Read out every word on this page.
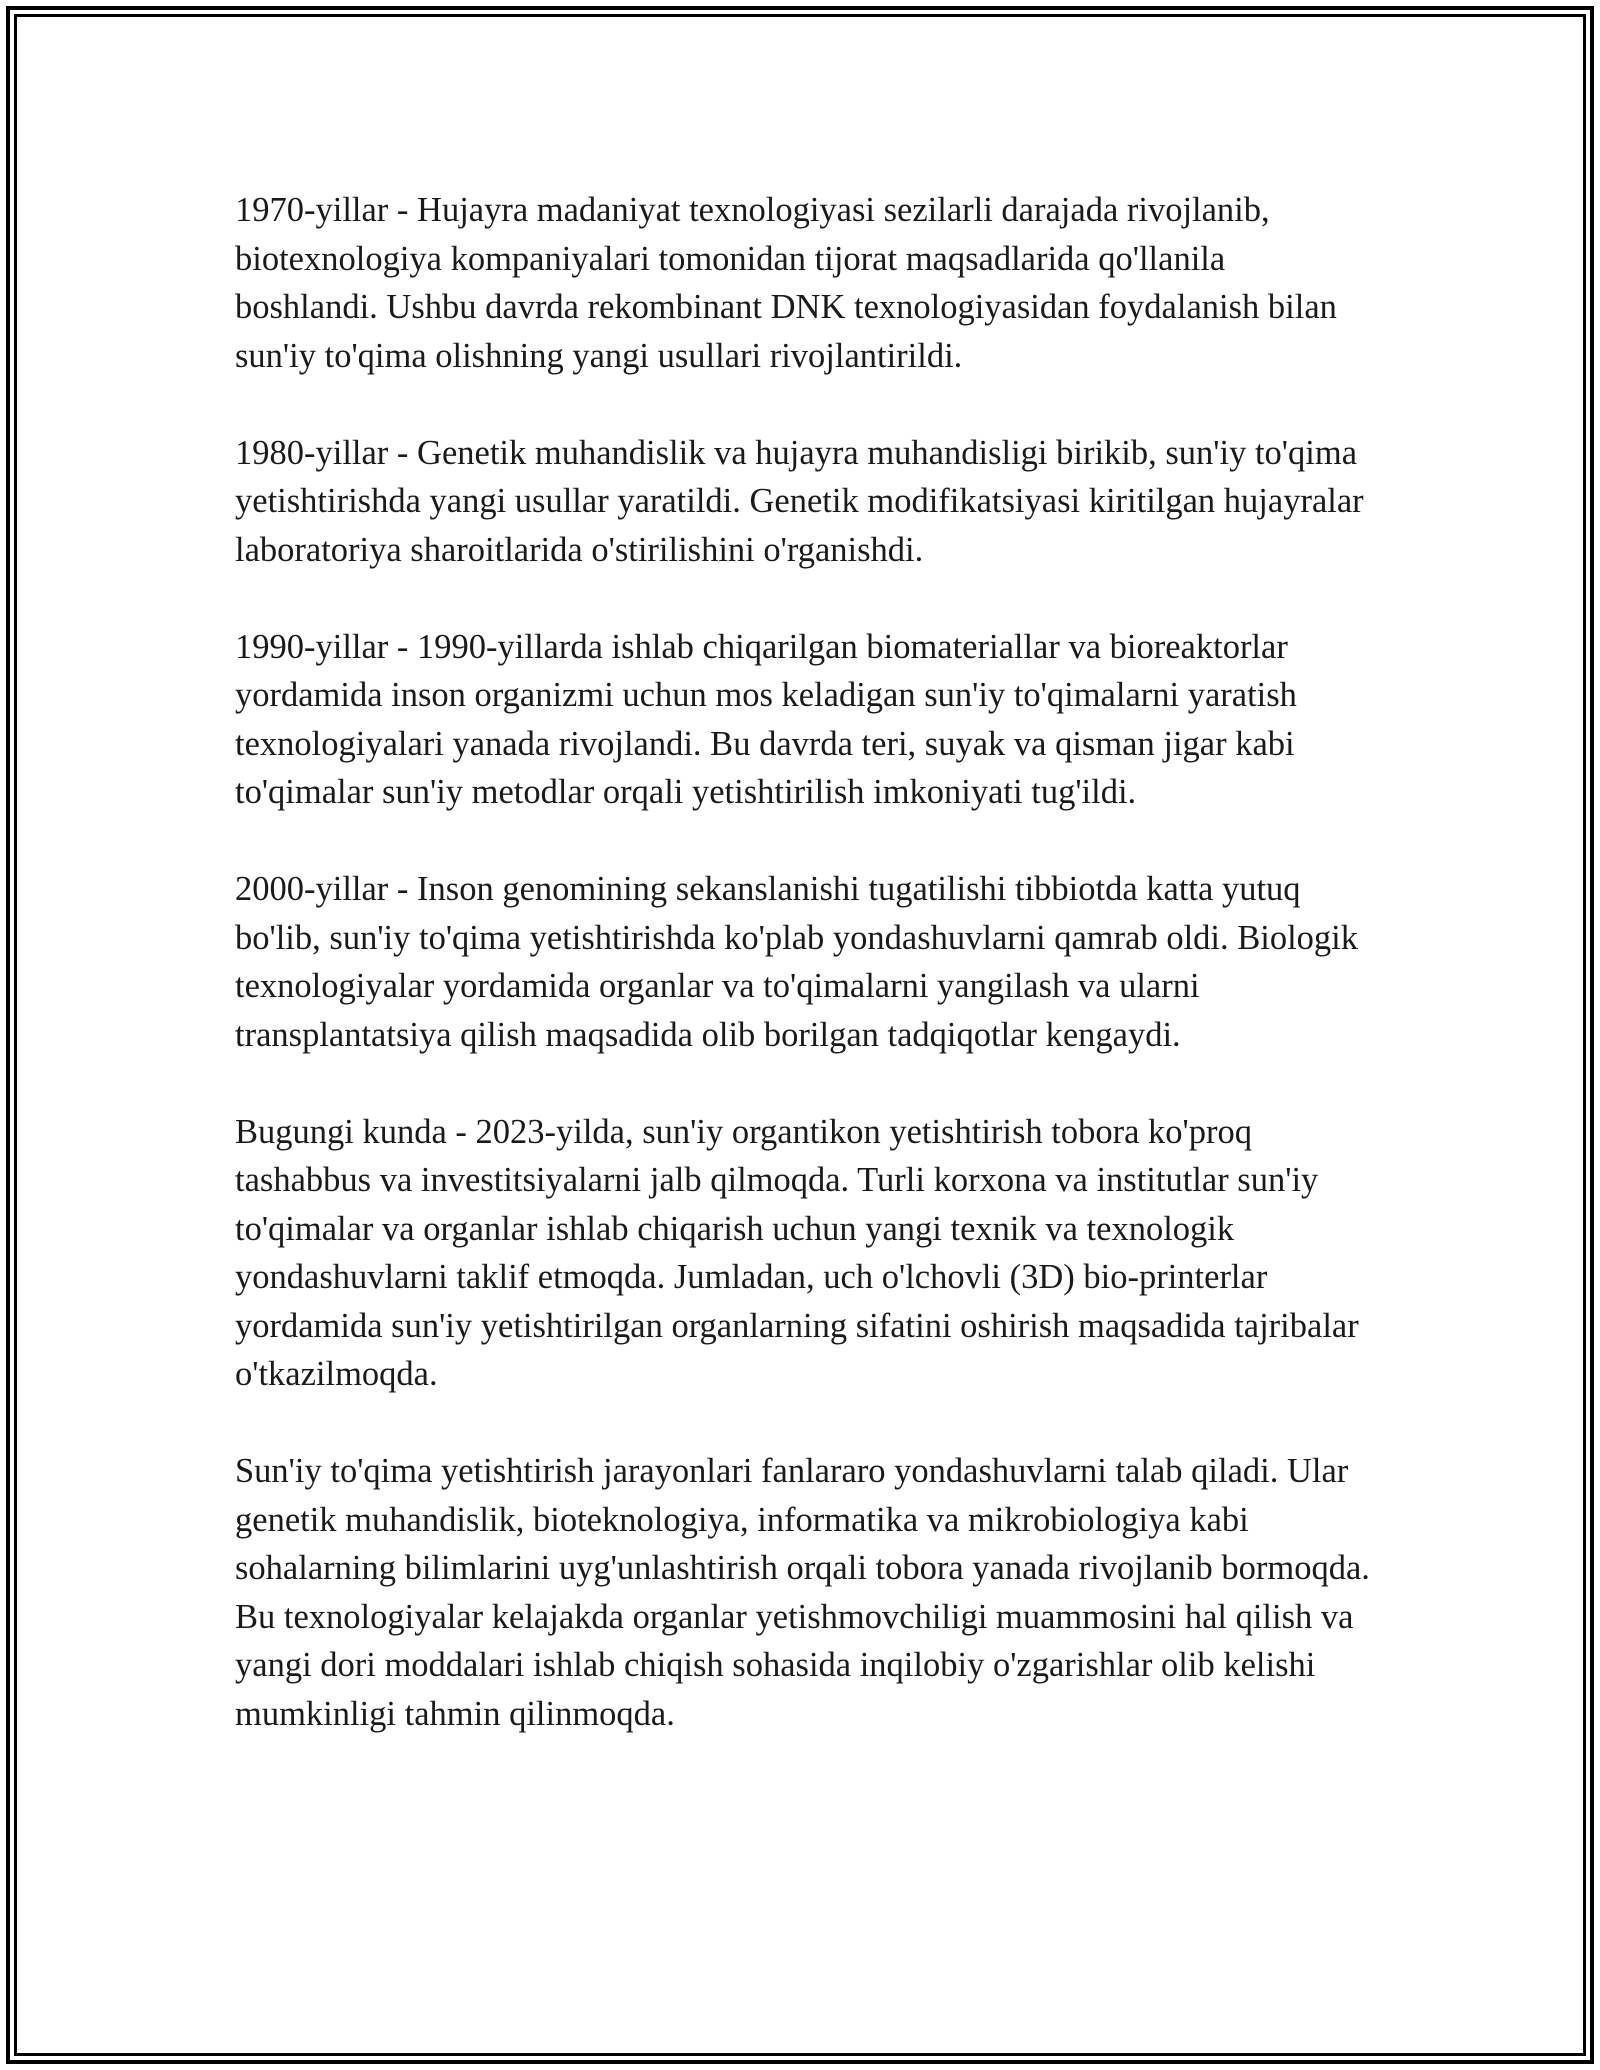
1970-yillar - Hujayra madaniyat texnologiyasi sezilarli darajada rivojlanib, biotexnologiya kompaniyalari tomonidan tijorat maqsadlarida qo'llanila boshlandi. Ushbu davrda rekombinant DNK texnologiyasidan foydalanish bilan sun'iy to'qima olishning yangi usullari rivojlantirildi.

1980-yillar - Genetik muhandislik va hujayra muhandisligi birikib, sun'iy to'qima yetishtirishda yangi usullar yaratildi. Genetik modifikatsiyasi kiritilgan hujayralar laboratoriya sharoitlarida o'stirilishini o'rganishdi.

1990-yillar - 1990-yillarda ishlab chiqarilgan biomateriallar va bioreaktorlar yordamida inson organizmi uchun mos keladigan sun'iy to'qimalarni yaratish texnologiyalari yanada rivojlandi. Bu davrda teri, suyak va qisman jigar kabi to'qimalar sun'iy metodlar orqali yetishtirilish imkoniyati tug'ildi.

2000-yillar - Inson genomining sekanslanishi tugatilishi tibbiotda katta yutuq bo'lib, sun'iy to'qima yetishtirishda ko'plab yondashuvlarni qamrab oldi. Biologik texnologiyalar yordamida organlar va to'qimalarni yangilash va ularni transplantatsiya qilish maqsadida olib borilgan tadqiqotlar kengaydi.

Bugungi kunda - 2023-yilda, sun'iy organtikon yetishtirish tobora ko'proq tashabbus va investitsiyalarni jalb qilmoqda. Turli korxona va institutlar sun'iy to'qimalar va organlar ishlab chiqarish uchun yangi texnik va texnologik yondashuvlarni taklif etmoqda. Jumladan, uch o'lchovli (3D) bio-printerlar yordamida sun'iy yetishtirilgan organlarning sifatini oshirish maqsadida tajribalar o'tkazilmoqda.

Sun'iy to'qima yetishtirish jarayonlari fanlararo yondashuvlarni talab qiladi. Ular genetik muhandislik, bioteknologiya, informatika va mikrobiologiya kabi sohalarning bilimlarini uyg'unlashtirish orqali tobora yanada rivojlanib bormoqda. Bu texnologiyalar kelajakda organlar yetishmovchiligi muammosini hal qilish va yangi dori moddalari ishlab chiqish sohasida inqilobiy o'zgarishlar olib kelishi mumkinligi tahmin qilinmoqda.
